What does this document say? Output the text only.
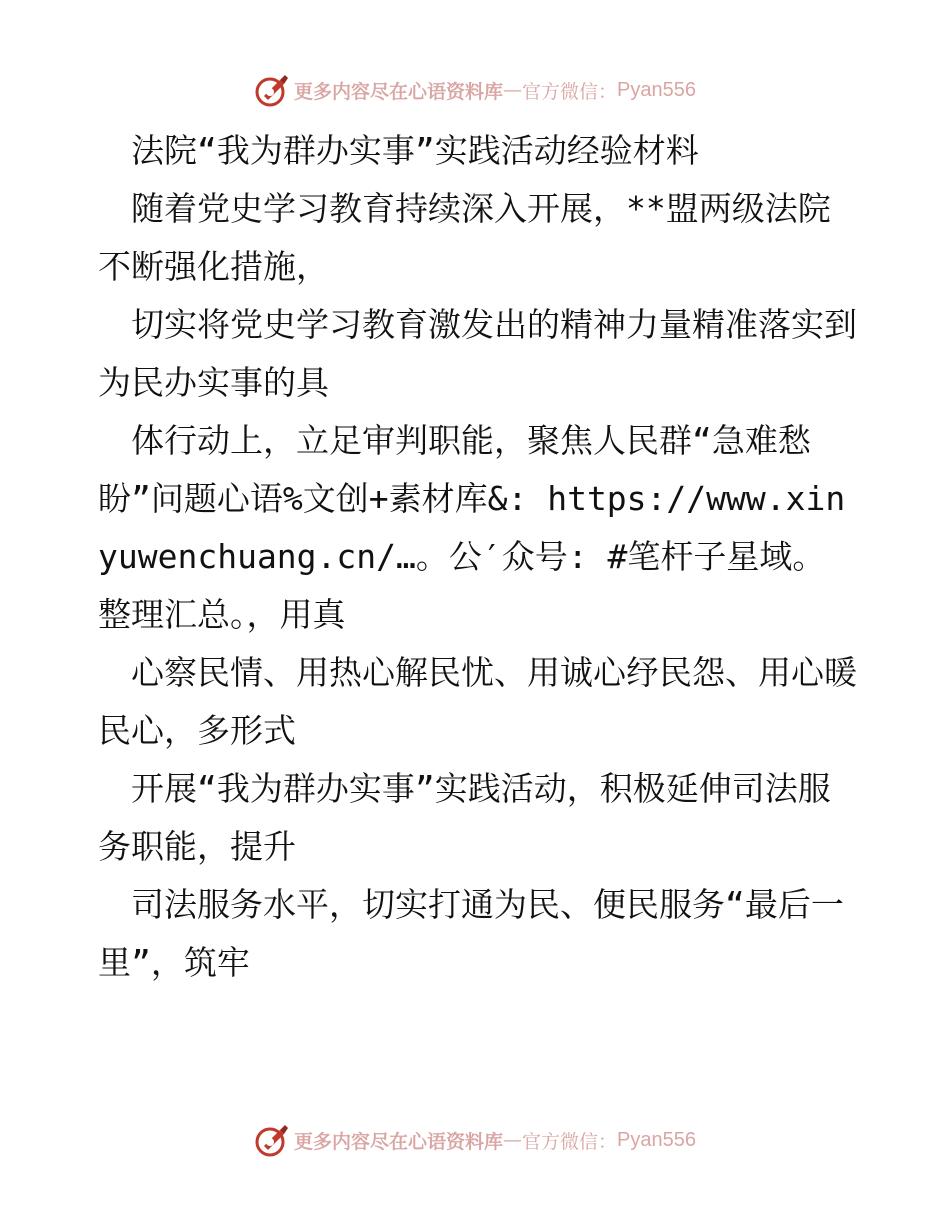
更多内容尽在心语资料库 — 官方微信： Pyan556

　法院“我为群办实事”实践活动经验材料

　随着党史学习教育持续深入开展，**盟两级法院不断强化措施，

　切实将党史学习教育激发出的精神力量精准落实到为民办实事的具

　体行动上，立足审判职能，聚焦人民群“急难愁盼”问题心语%文创+素材库&: https://www.xinyuwenchuang.cn/…。公′众号: #笔杆子星域。整理汇总。，用真

　心察民情、用热心解民忧、用诚心纾民怨、用心暖民心，多形式

　开展“我为群办实事”实践活动，积极延伸司法服务职能，提升

　司法服务水平，切实打通为民、便民服务“最后一里”，筑牢

更多内容尽在心语资料库 — 官方微信： Pyan556
